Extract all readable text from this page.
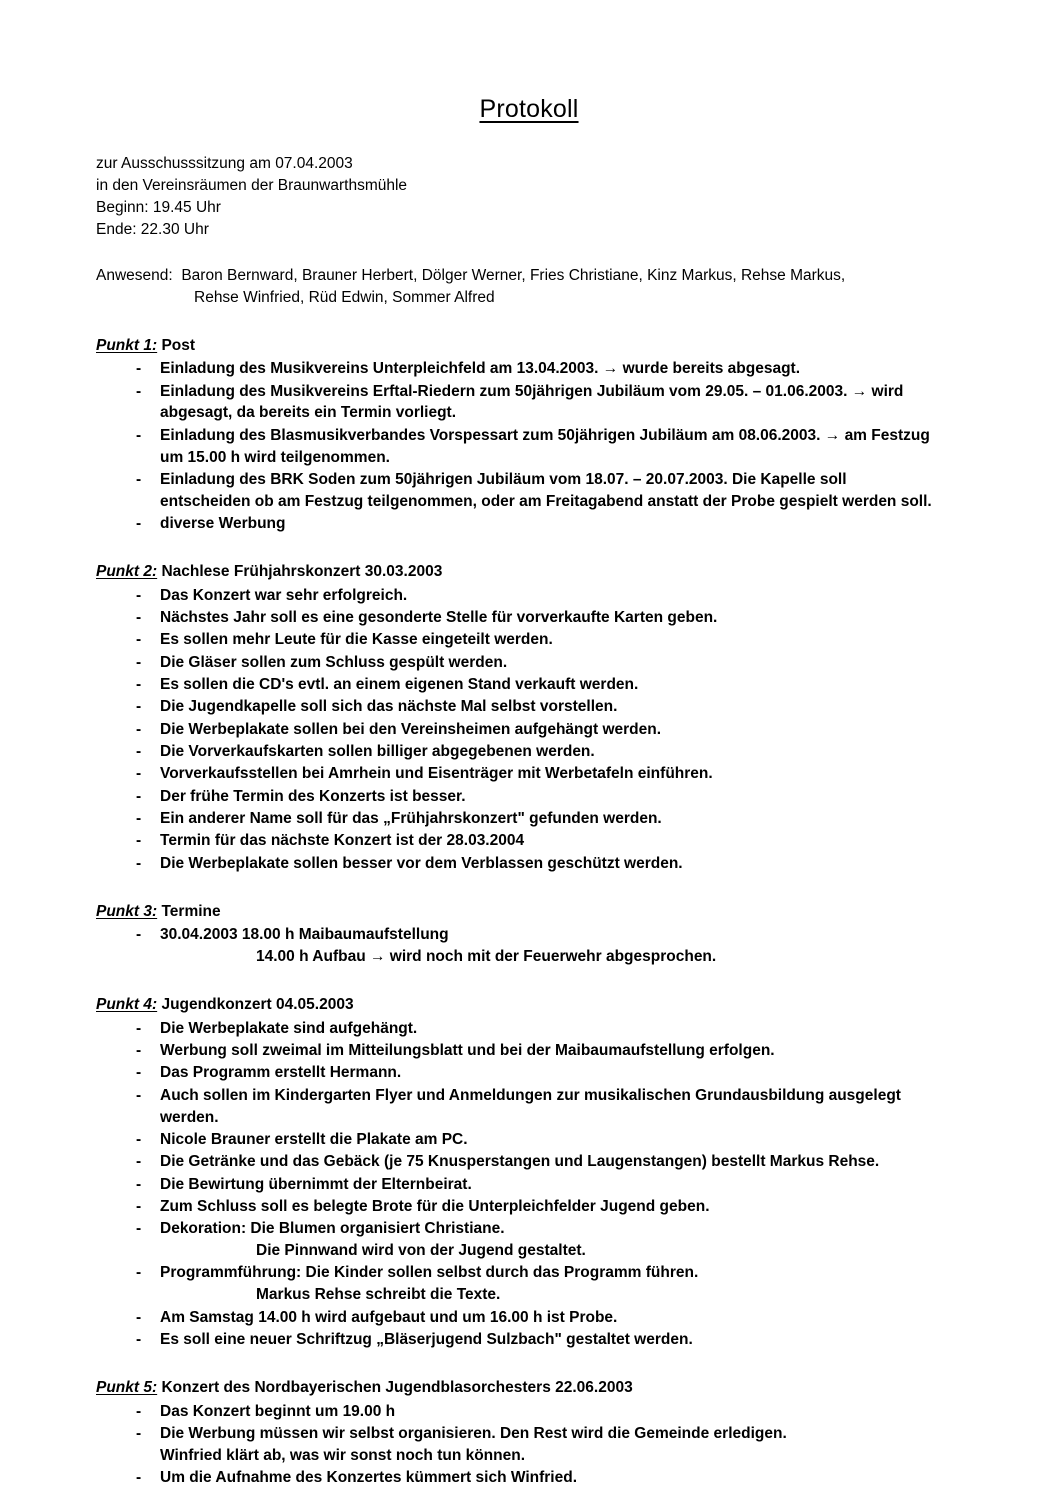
Protokoll
zur Ausschusssitzung am 07.04.2003
in den Vereinsräumen der Braunwarthsmühle
Beginn: 19.45 Uhr
Ende: 22.30 Uhr
Anwesend: Baron Bernward, Brauner Herbert, Dölger Werner, Fries Christiane, Kinz Markus, Rehse Markus,
Rehse Winfried, Rüd Edwin, Sommer Alfred
Punkt 1: Post
- Einladung des Musikvereins Unterpleichfeld am 13.04.2003. → wurde bereits abgesagt.
- Einladung des Musikvereins Erftal-Riedern zum 50jährigen Jubiläum vom 29.05. – 01.06.2003. → wird
abgesagt, da bereits ein Termin vorliegt.
- Einladung des Blasmusikverbandes Vorspessart zum 50jährigen Jubiläum am 08.06.2003. → am Festzug
um 15.00 h wird teilgenommen.
- Einladung des BRK Soden zum 50jährigen Jubiläum vom 18.07. – 20.07.2003. Die Kapelle soll
entscheiden ob am Festzug teilgenommen, oder am Freitagabend anstatt der Probe gespielt werden soll.
- diverse Werbung
Punkt 2: Nachlese Frühjahrskonzert 30.03.2003
- Das Konzert war sehr erfolgreich.
- Nächstes Jahr soll es eine gesonderte Stelle für vorverkaufte Karten geben.
- Es sollen mehr Leute für die Kasse eingeteilt werden.
- Die Gläser sollen zum Schluss gespült werden.
- Es sollen die CD's evtl. an einem eigenen Stand verkauft werden.
- Die Jugendkapelle soll sich das nächste Mal selbst vorstellen.
- Die Werbeplakate sollen bei den Vereinsheimen aufgehängt werden.
- Die Vorverkaufskarten sollen billiger abgegebenen werden.
- Vorverkaufsstellen bei Amrhein und Eisenträger mit Werbetafeln einführen.
- Der frühe Termin des Konzerts ist besser.
- Ein anderer Name soll für das „Frühjahrskonzert" gefunden werden.
- Termin für das nächste Konzert ist der 28.03.2004
- Die Werbeplakate sollen besser vor dem Verblassen geschützt werden.
Punkt 3: Termine
- 30.04.2003 18.00 h Maibaumaufstellung
14.00 h Aufbau → wird noch mit der Feuerwehr abgesprochen.
Punkt 4: Jugendkonzert 04.05.2003
- Die Werbeplakate sind aufgehängt.
- Werbung soll zweimal im Mitteilungsblatt und bei der Maibaumaufstellung erfolgen.
- Das Programm erstellt Hermann.
- Auch sollen im Kindergarten Flyer und Anmeldungen zur musikalischen Grundausbildung ausgelegt werden.
- Nicole Brauner erstellt die Plakate am PC.
- Die Getränke und das Gebäck (je 75 Knusperstangen und Laugenstangen) bestellt Markus Rehse.
- Die Bewirtung übernimmt der Elternbeirat.
- Zum Schluss soll es belegte Brote für die Unterpleichfelder Jugend geben.
- Dekoration: Die Blumen organisiert Christiane.
Die Pinnwand wird von der Jugend gestaltet.
- Programmführung: Die Kinder sollen selbst durch das Programm führen.
Markus Rehse schreibt die Texte.
- Am Samstag 14.00 h wird aufgebaut und um 16.00 h ist Probe.
- Es soll eine neuer Schriftzug „Bläserjugend Sulzbach" gestaltet werden.
Punkt 5: Konzert des Nordbayerischen Jugendblasorchesters 22.06.2003
- Das Konzert beginnt um 19.00 h
- Die Werbung müssen wir selbst organisieren. Den Rest wird die Gemeinde erledigen.
Winfried klärt ab, was wir sonst noch tun können.
- Um die Aufnahme des Konzertes kümmert sich Winfried.
